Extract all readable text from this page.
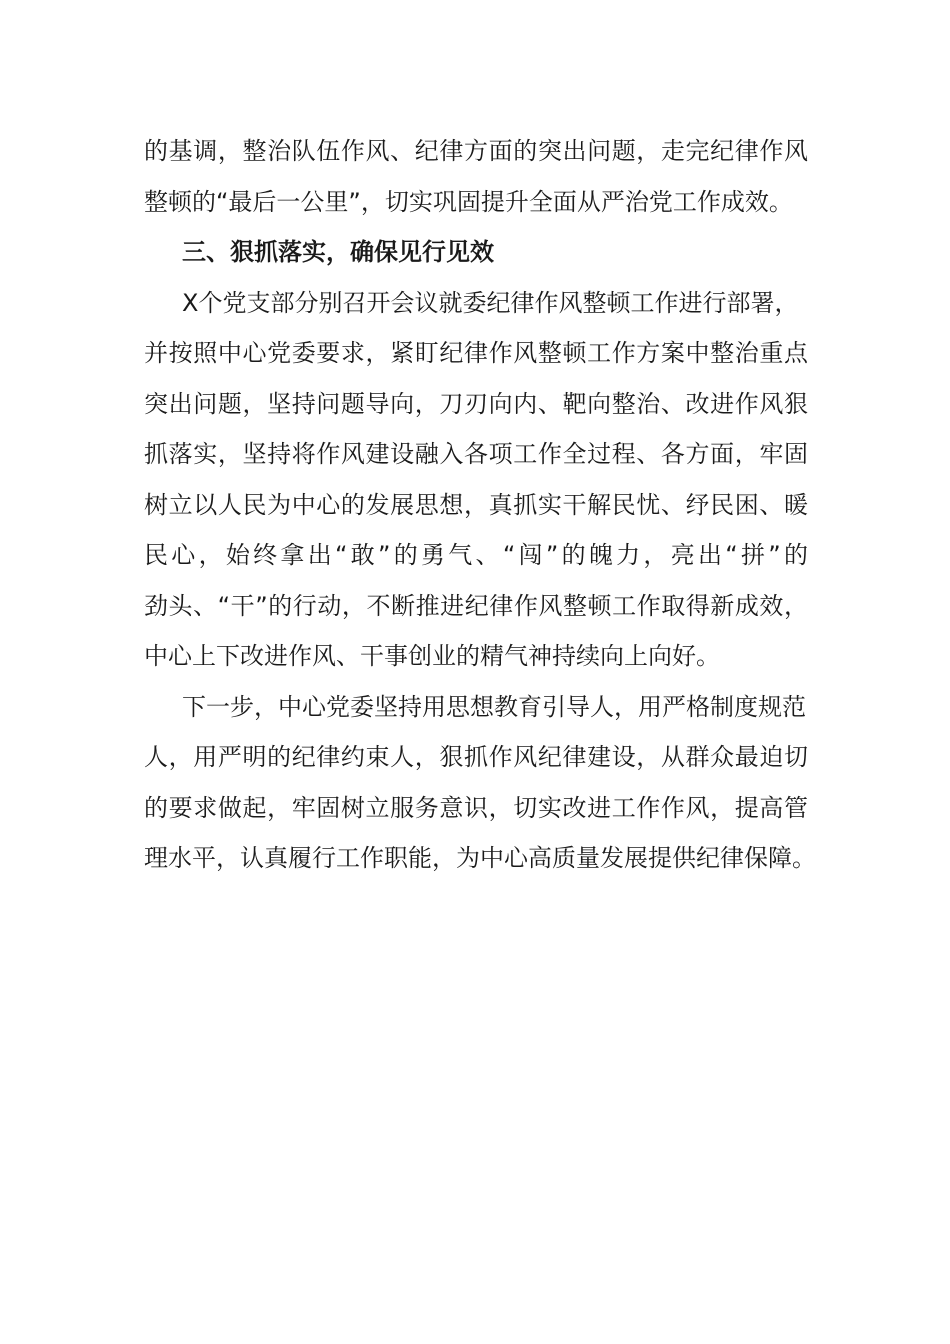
的基调，整治队伍作风、纪律方面的突出问题，走完纪律作风
整顿的“最后一公里”，切实巩固提升全面从严治党工作成效。
三、狠抓落实，确保见行见效
X个党支部分别召开会议就委纪律作风整顿工作进行部署，
并按照中心党委要求，紧盯纪律作风整顿工作方案中整治重点
突出问题，坚持问题导向，刀刃向内、靶向整治、改进作风狠
抓落实，坚持将作风建设融入各项工作全过程、各方面，牢固
树立以人民为中心的发展思想，真抓实干解民忧、纾民困、暖
民心，始终拿出“敢”的勇气、“闯”的魄力，亮出“拼”的
劲头、“干”的行动，不断推进纪律作风整顿工作取得新成效，
中心上下改进作风、干事创业的精气神持续向上向好。
下一步，中心党委坚持用思想教育引导人，用严格制度规范
人，用严明的纪律约束人，狠抓作风纪律建设，从群众最迫切
的要求做起，牢固树立服务意识，切实改进工作作风，提高管
理水平，认真履行工作职能，为中心高质量发展提供纪律保障。
